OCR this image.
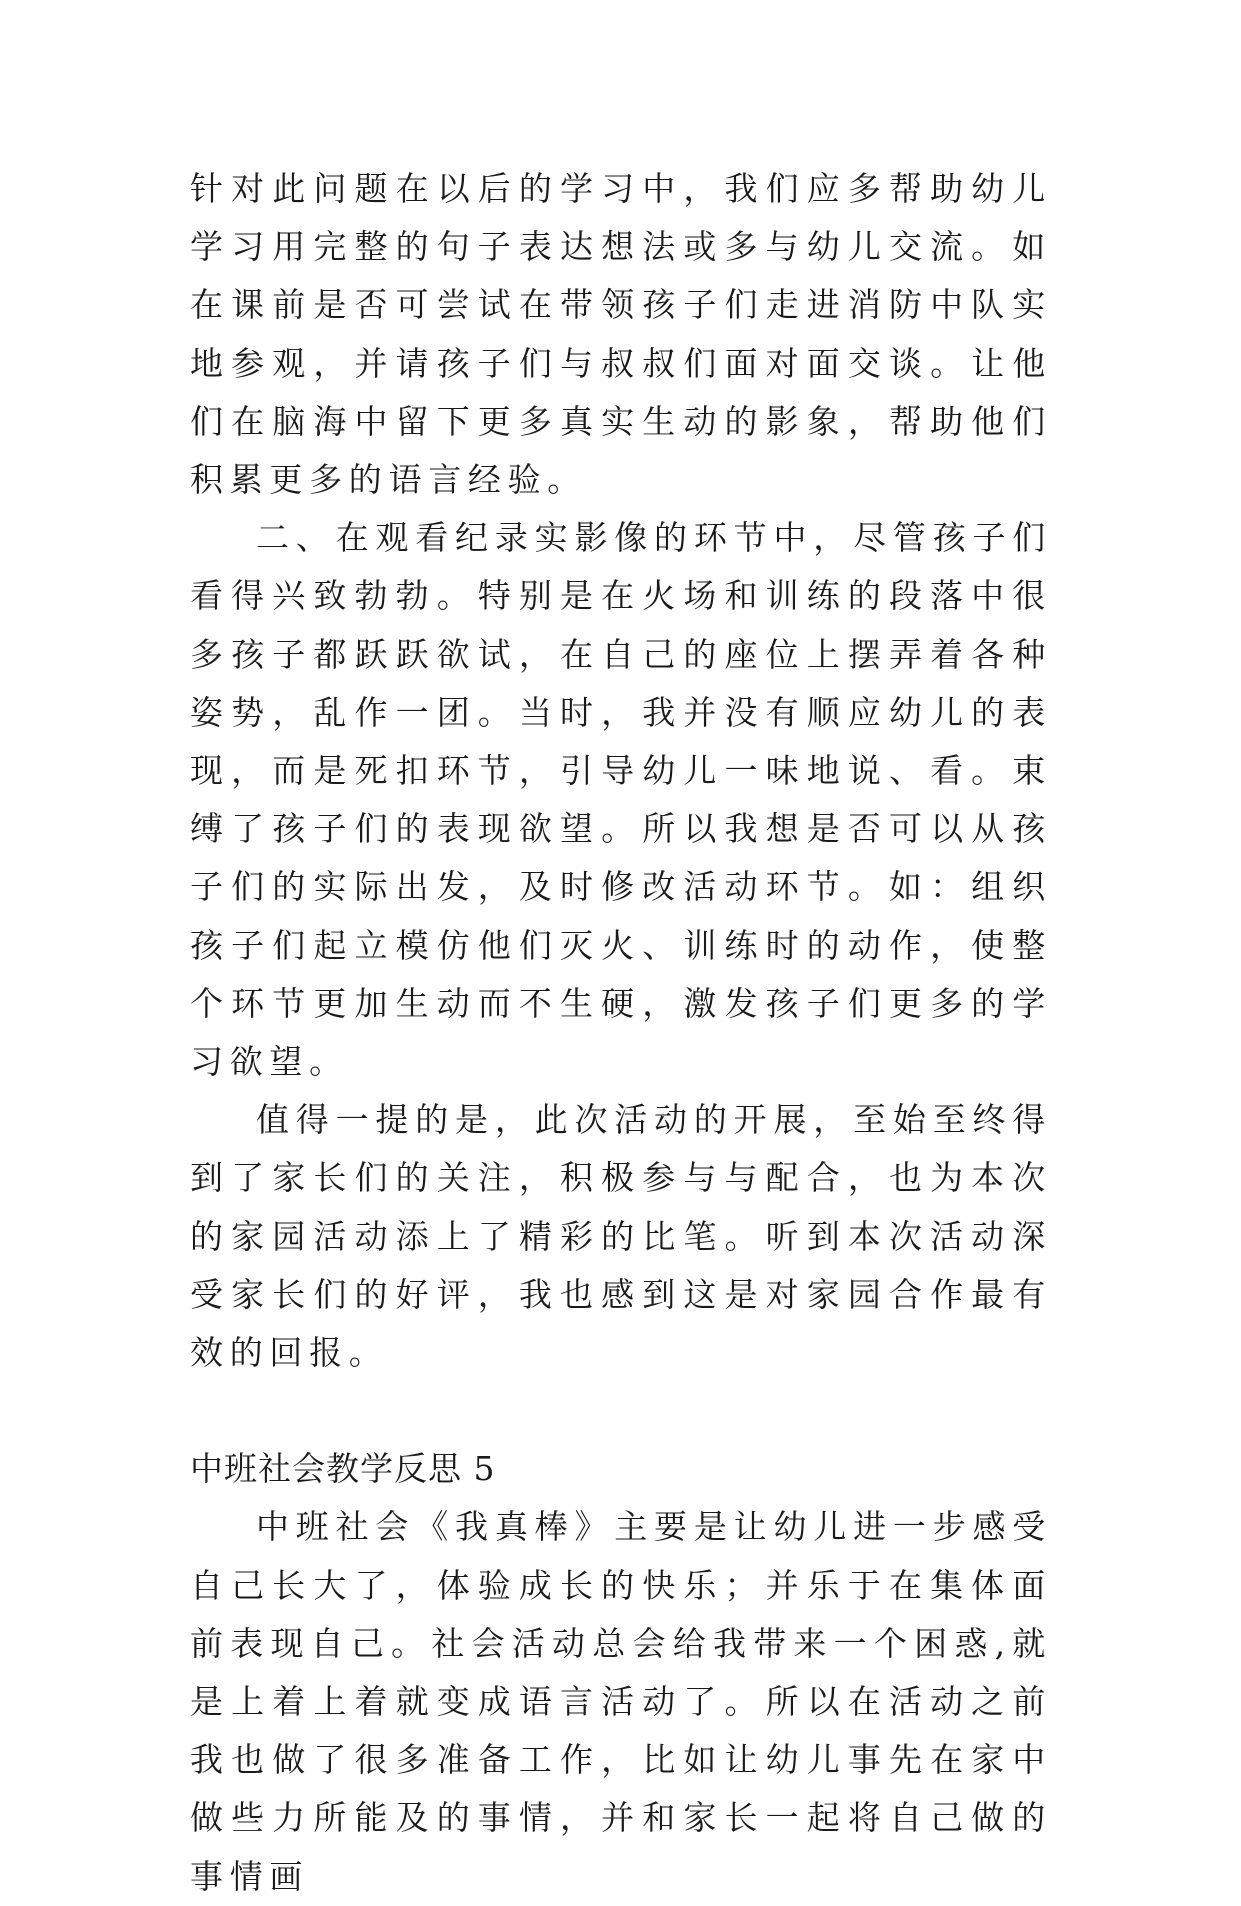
针对此问题在以后的学习中，我们应多帮助幼儿学习用完整的句子表达想法或多与幼儿交流。如在课前是否可尝试在带领孩子们走进消防中队实地参观，并请孩子们与叔叔们面对面交谈。让他们在脑海中留下更多真实生动的影象，帮助他们积累更多的语言经验。

二、在观看纪录实影像的环节中，尽管孩子们看得兴致勃勃。特别是在火场和训练的段落中很多孩子都跃跃欲试，在自己的座位上摆弄着各种姿势，乱作一团。当时，我并没有顺应幼儿的表现，而是死扣环节，引导幼儿一味地说、看。束缚了孩子们的表现欲望。所以我想是否可以从孩子们的实际出发，及时修改活动环节。如：组织孩子们起立模仿他们灭火、训练时的动作，使整个环节更加生动而不生硬，激发孩子们更多的学习欲望。

值得一提的是，此次活动的开展，至始至终得到了家长们的关注，积极参与与配合，也为本次的家园活动添上了精彩的比笔。听到本次活动深受家长们的好评，我也感到这是对家园合作最有效的回报。

中班社会教学反思 5

中班社会《我真棒》主要是让幼儿进一步感受自己长大了，体验成长的快乐；并乐于在集体面前表现自己。社会活动总会给我带来一个困惑,就是上着上着就变成语言活动了。所以在活动之前我也做了很多准备工作，比如让幼儿事先在家中做些力所能及的事情，并和家长一起将自己做的事情画
